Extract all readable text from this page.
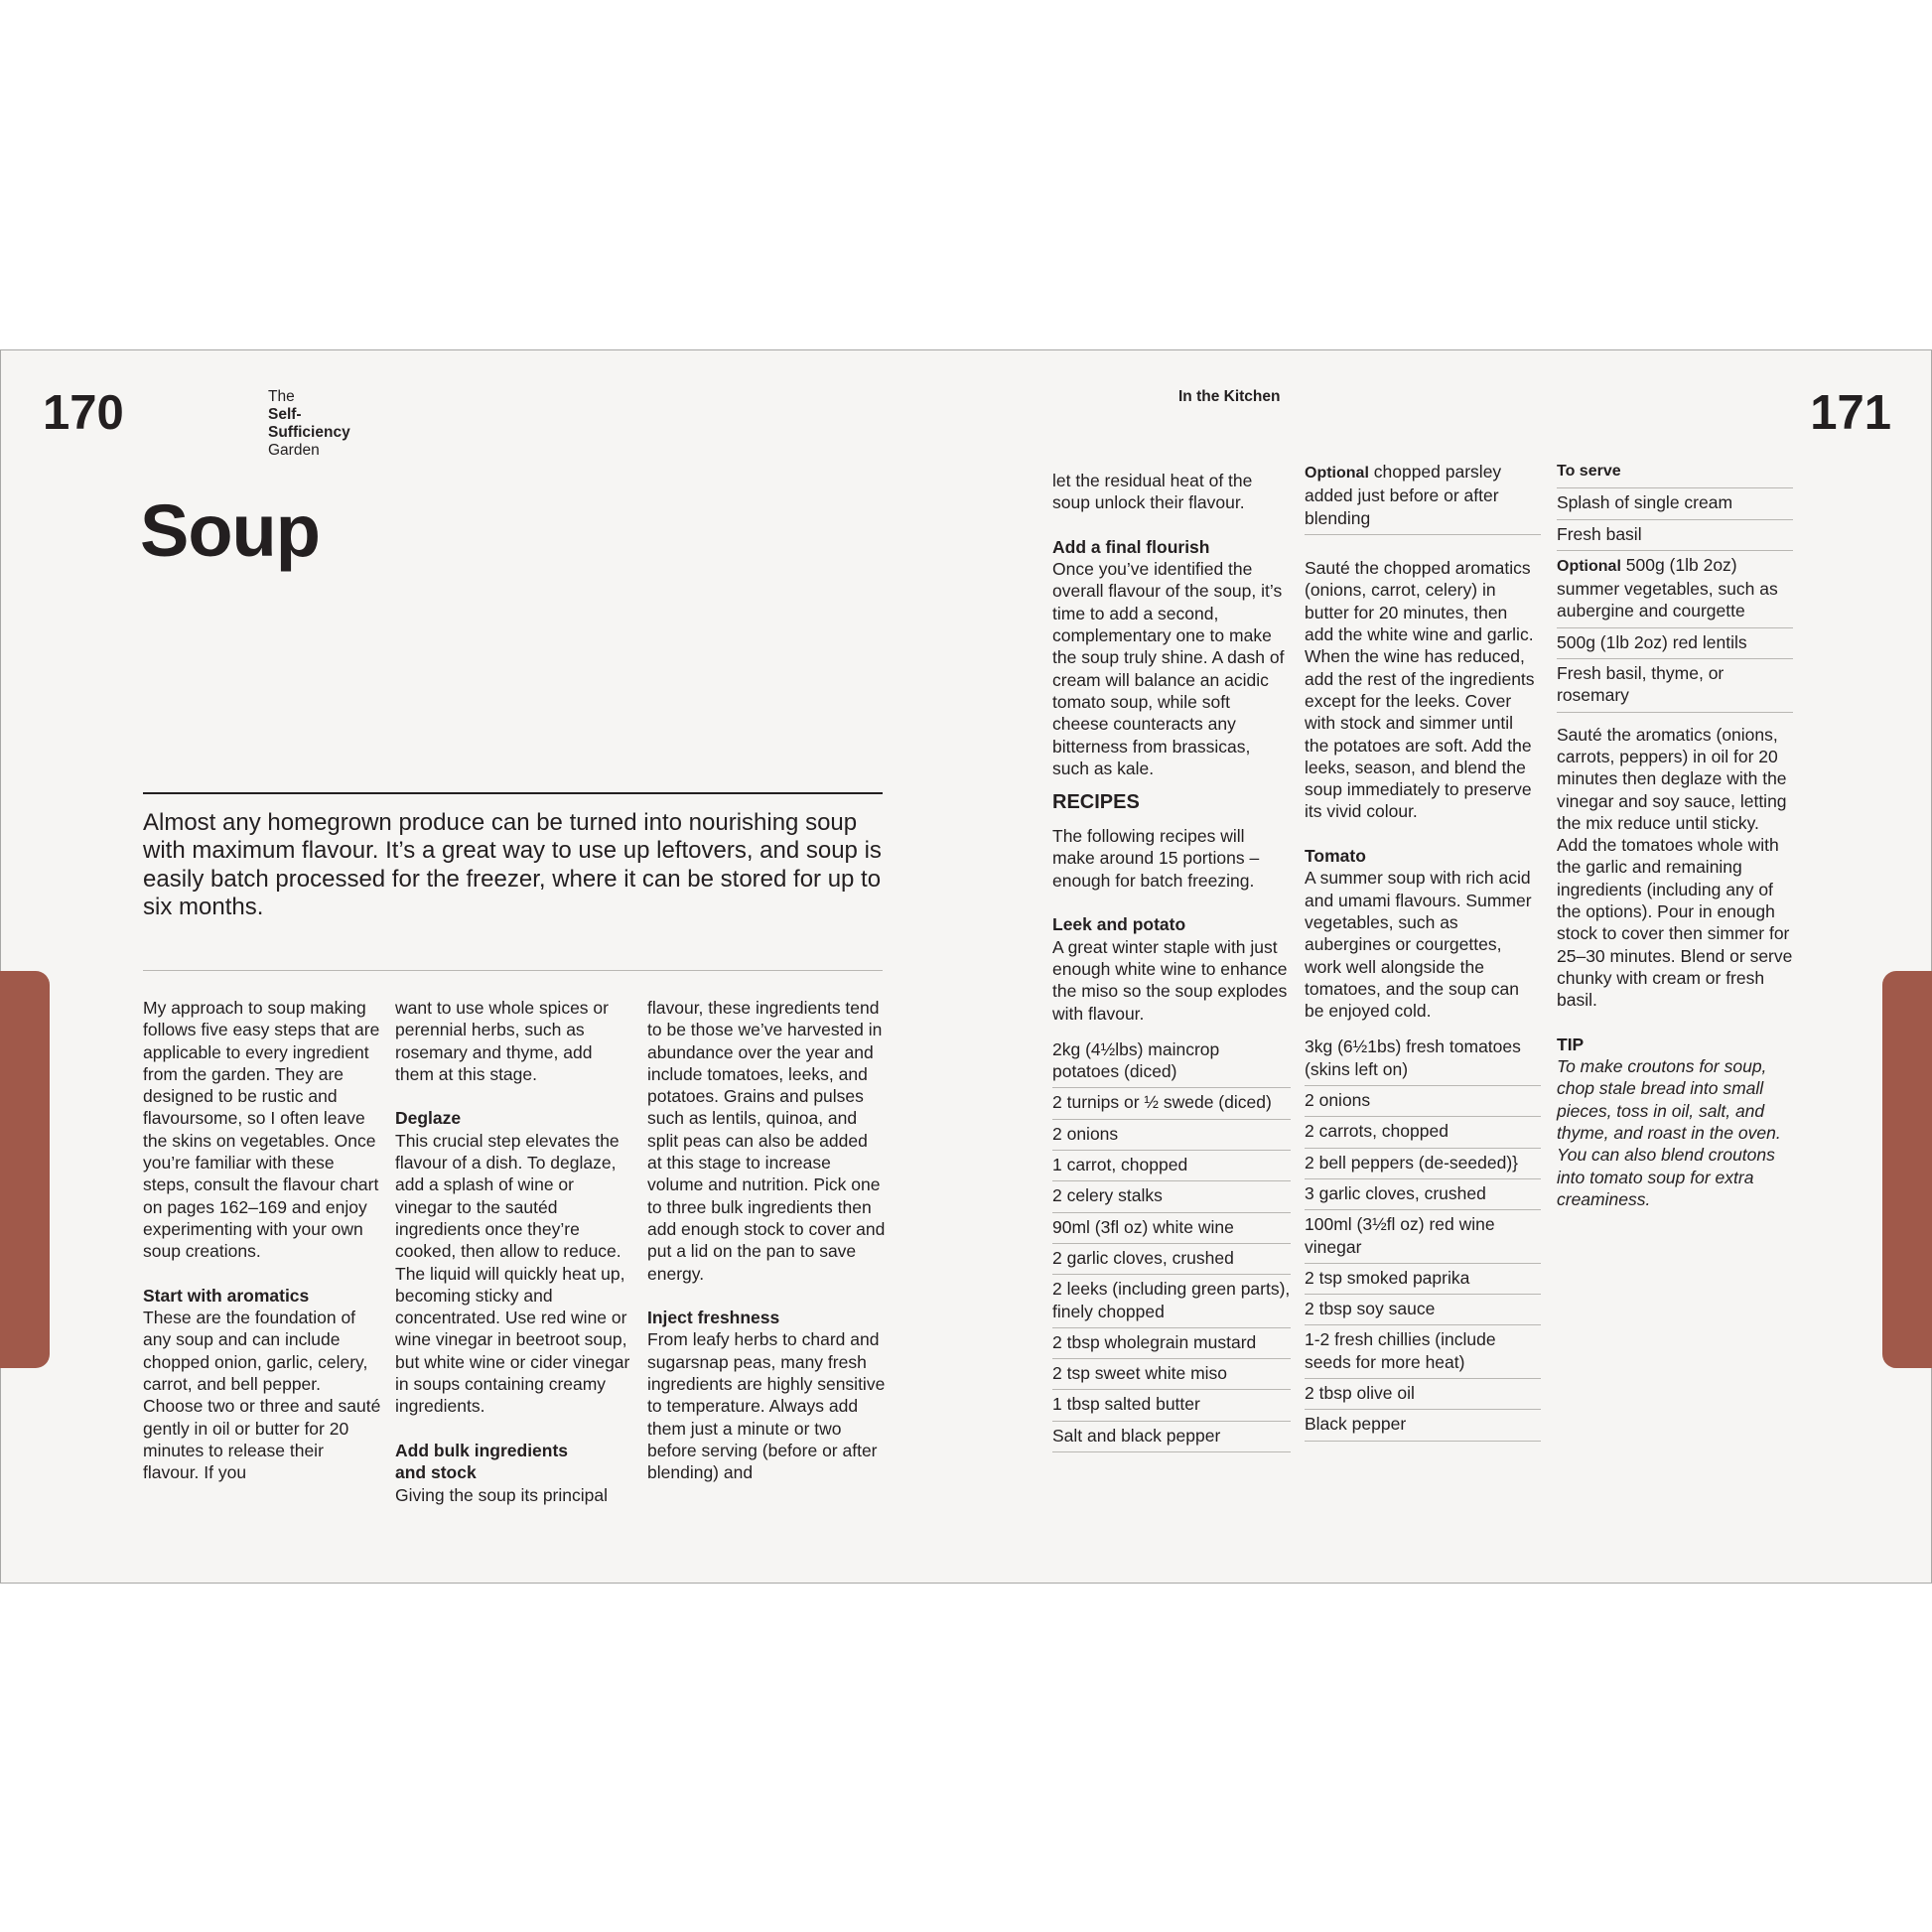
170	171
The
Self-
Sufficiency
Garden
In the Kitchen
Soup
Almost any homegrown produce can be turned into nourishing soup with maximum flavour. It’s a great way to use up leftovers, and soup is easily batch processed for the freezer, where it can be stored for up to six months.

My approach to soup making follows five easy steps that are applicable to every ingredient from the garden. They are designed to be rustic and flavoursome, so I often leave the skins on vegetables. Once you’re familiar with these steps, consult the flavour chart on pages 162–169 and enjoy experimenting with your own soup creations.

Start with aromatics

These are the foundation of any soup and can include chopped onion, garlic, celery, carrot, and bell pepper. Choose two or three and sauté gently in oil or butter for 20 minutes to release their flavour. If you

want to use whole spices or perennial herbs, such as rosemary and thyme, add them at this stage.

Deglaze

This crucial step elevates the flavour of a dish. To deglaze, add a splash of wine or vinegar to the sautéd ingredients once they’re cooked, then allow to reduce. The liquid will quickly heat up, becoming sticky and concentrated. Use red wine or wine vinegar in beetroot soup, but white wine or cider vinegar in soups containing creamy ingredients.

Add bulk ingredients and stock

Giving the soup its principal

flavour, these ingredients tend to be those we’ve harvested in abundance over the year and include tomatoes, leeks, and potatoes. Grains and pulses such as lentils, quinoa, and split peas can also be added at this stage to increase volume and nutrition. Pick one to three bulk ingredients then add enough stock to cover and put a lid on the pan to save energy.

Inject freshness

From leafy herbs to chard and sugarsnap peas, many fresh ingredients are highly sensitive to temperature. Always add them just a minute or two before serving (before or after blending) and

let the residual heat of the soup unlock their flavour.

Add a final flourish

Once you’ve identified the overall flavour of the soup, it’s time to add a second, complementary one to make the soup truly shine. A dash of cream will balance an acidic tomato soup, while soft cheese counteracts any bitterness from brassicas, such as kale.

RECIPES

The following recipes will make around 15 portions – enough for batch freezing.

Leek and potato

A great winter staple with just enough white wine to enhance the miso so the soup explodes with flavour.

2kg (4½lbs) maincrop potatoes (diced)
2 turnips or ½ swede (diced)
2 onions
1 carrot, chopped
2 celery stalks
90ml (3fl oz) white wine
2 garlic cloves, crushed
2 leeks (including green parts), finely chopped
2 tbsp wholegrain mustard
2 tsp sweet white miso
1 tbsp salted butter
Salt and black pepper
Optional chopped parsley added just before or after blending

Sauté the chopped aromatics (onions, carrot, celery) in butter for 20 minutes, then add the white wine and garlic. When the wine has reduced, add the rest of the ingredients except for the leeks. Cover with stock and simmer until the potatoes are soft. Add the leeks, season, and blend the soup immediately to preserve its vivid colour.

Tomato

A summer soup with rich acid and umami flavours. Summer vegetables, such as aubergines or courgettes, work well alongside the tomatoes, and the soup can be enjoyed cold.

3kg (6½1bs) fresh tomatoes (skins left on)
2 onions
2 carrots, chopped
2 bell peppers (de-seeded)}
3 garlic cloves, crushed
100ml (3½fl oz) red wine vinegar
2 tsp smoked paprika
2 tbsp soy sauce
1-2 fresh chillies (include seeds for more heat)
2 tbsp olive oil
Black pepper
To serve
Splash of single cream
Fresh basil
Optional 500g (1lb 2oz) summer vegetables, such as aubergine and courgette
500g (1lb 2oz) red lentils
Fresh basil, thyme, or rosemary

Sauté the aromatics (onions, carrots, peppers) in oil for 20 minutes then deglaze with the vinegar and soy sauce, letting the mix reduce until sticky. Add the tomatoes whole with the garlic and remaining ingredients (including any of the options). Pour in enough stock to cover then simmer for 25–30 minutes. Blend or serve chunky with cream or fresh basil.

TIP

To make croutons for soup, chop stale bread into small pieces, toss in oil, salt, and thyme, and roast in the oven. You can also blend croutons into tomato soup for extra creaminess.
